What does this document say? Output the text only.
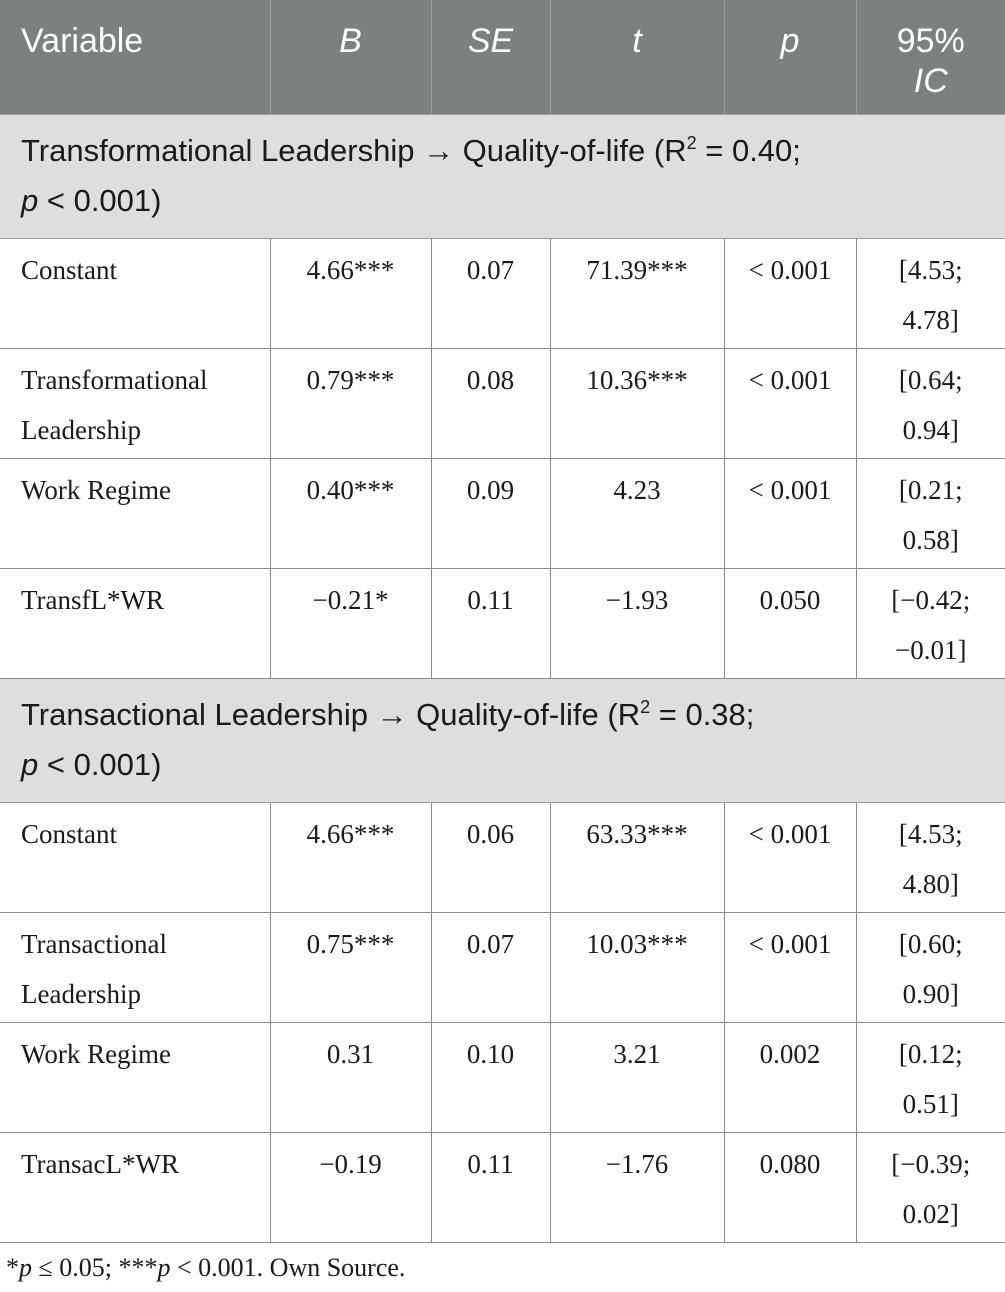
Variable	B	SE	t	p	95%
IC

Transformational Leadership → Quality-of-life ($R^2 = 0.40$;
p < 0.001)					
Constant	4.66***	0.07	71.39***	< 0.001	[4.53;
4.78]
Transformational
Leadership	0.79***	0.08	10.36***	< 0.001	[0.64;
0.94]
Work Regime	0.40***	0.09	4.23	< 0.001	[0.21;
0.58]
TransfL*WR	−0.21*	0.11	−1.93	0.050	[−0.42;
−0.01]
Transactional Leadership → Quality-of-life ($R^2 = 0.38$;
p < 0.001)					
Constant	4.66***	0.06	63.33***	< 0.001	[4.53;
4.80]
Transactional
Leadership	0.75***	0.07	10.03***	< 0.001	[0.60;
0.90]
Work Regime	0.31	0.10	3.21	0.002	[0.12;
0.51]
TransacL*WR	−0.19	0.11	−1.76	0.080	[−0.39;
0.02]
*p ≤ 0.05; ***p < 0.001. Own Source.
